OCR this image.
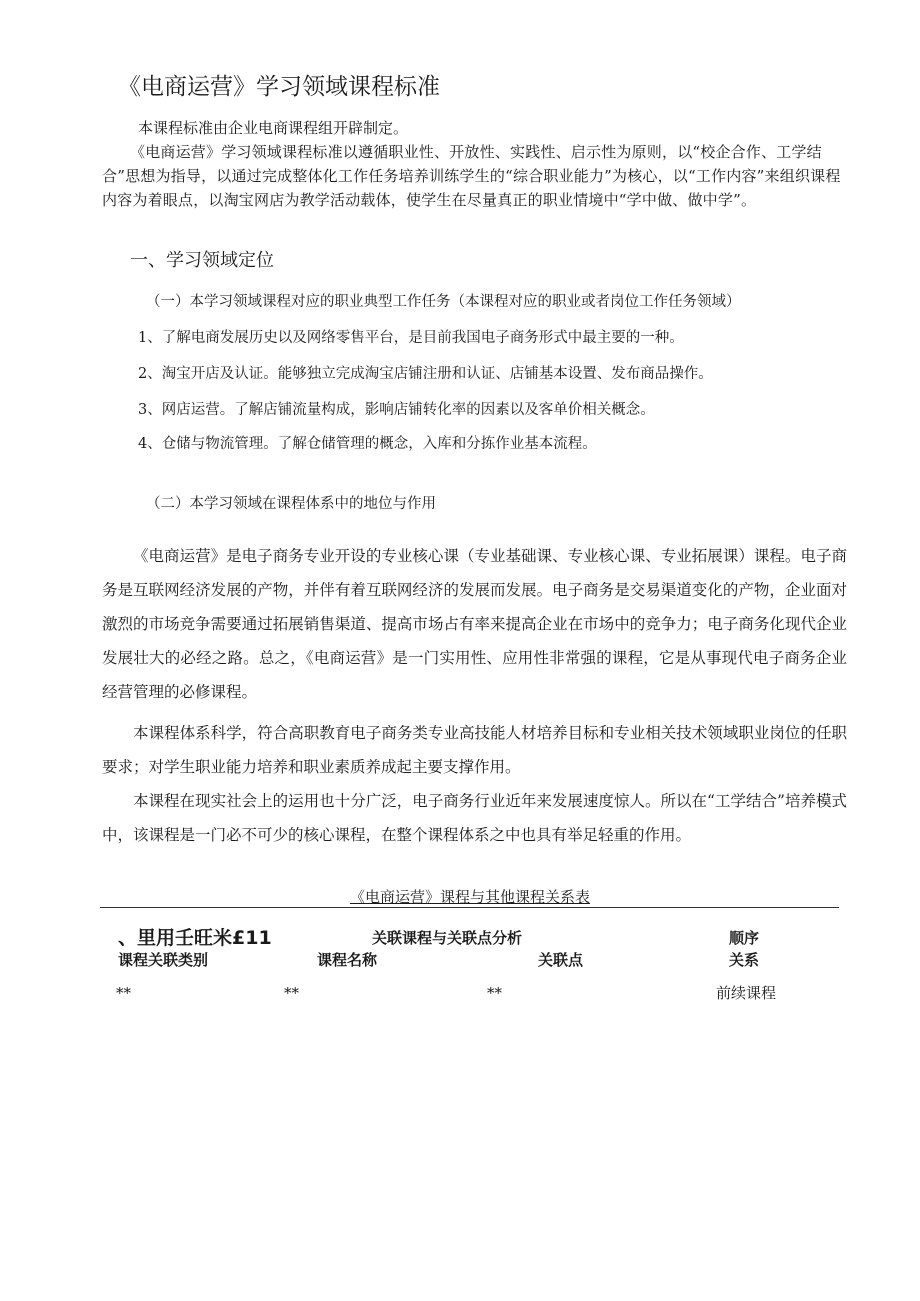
《电商运营》学习领域课程标准
本课程标准由企业电商课程组开辟制定。
《电商运营》学习领域课程标准以遵循职业性、开放性、实践性、启示性为原则，以“校企合作、工学结合”思想为指导，以通过完成整体化工作任务培养训练学生的“综合职业能力”为核心，以“工作内容”来组织课程内容为着眼点，以淘宝网店为教学活动载体，使学生在尽量真正的职业情境中“学中做、做中学”。
一、学习领域定位
（一）本学习领域课程对应的职业典型工作任务（本课程对应的职业或者岗位工作任务领域）
1、了解电商发展历史以及网络零售平台，是目前我国电子商务形式中最主要的一种。
2、淘宝开店及认证。能够独立完成淘宝店铺注册和认证、店铺基本设置、发布商品操作。
3、网店运营。了解店铺流量构成，影响店铺转化率的因素以及客单价相关概念。
4、仓储与物流管理。了解仓储管理的概念，入库和分拣作业基本流程。
（二）本学习领域在课程体系中的地位与作用
《电商运营》是电子商务专业开设的专业核心课（专业基础课、专业核心课、专业拓展课）课程。电子商务是互联网经济发展的产物，并伴有着互联网经济的发展而发展。电子商务是交易渠道变化的产物，企业面对激烈的市场竞争需要通过拓展销售渠道、提高市场占有率来提高企业在市场中的竞争力；电子商务化现代企业发展壮大的必经之路。总之，《电商运营》是一门实用性、应用性非常强的课程，它是从事现代电子商务企业经营管理的必修课程。
本课程体系科学，符合高职教育电子商务类专业高技能人材培养目标和专业相关技术领域职业岗位的任职要求；对学生职业能力培养和职业素质养成起主要支撑作用。
本课程在现实社会上的运用也十分广泛，电子商务行业近年来发展速度惊人。所以在“工学结合”培养模式中，该课程是一门必不可少的核心课程，在整个课程体系之中也具有举足轻重的作用。
《电商运营》课程与其他课程关系表
、里用壬旺米£11	关联课程与关联点分析	顺序
课程关联类别	课程名称	关联点	关系
**	**	**	前续课程
